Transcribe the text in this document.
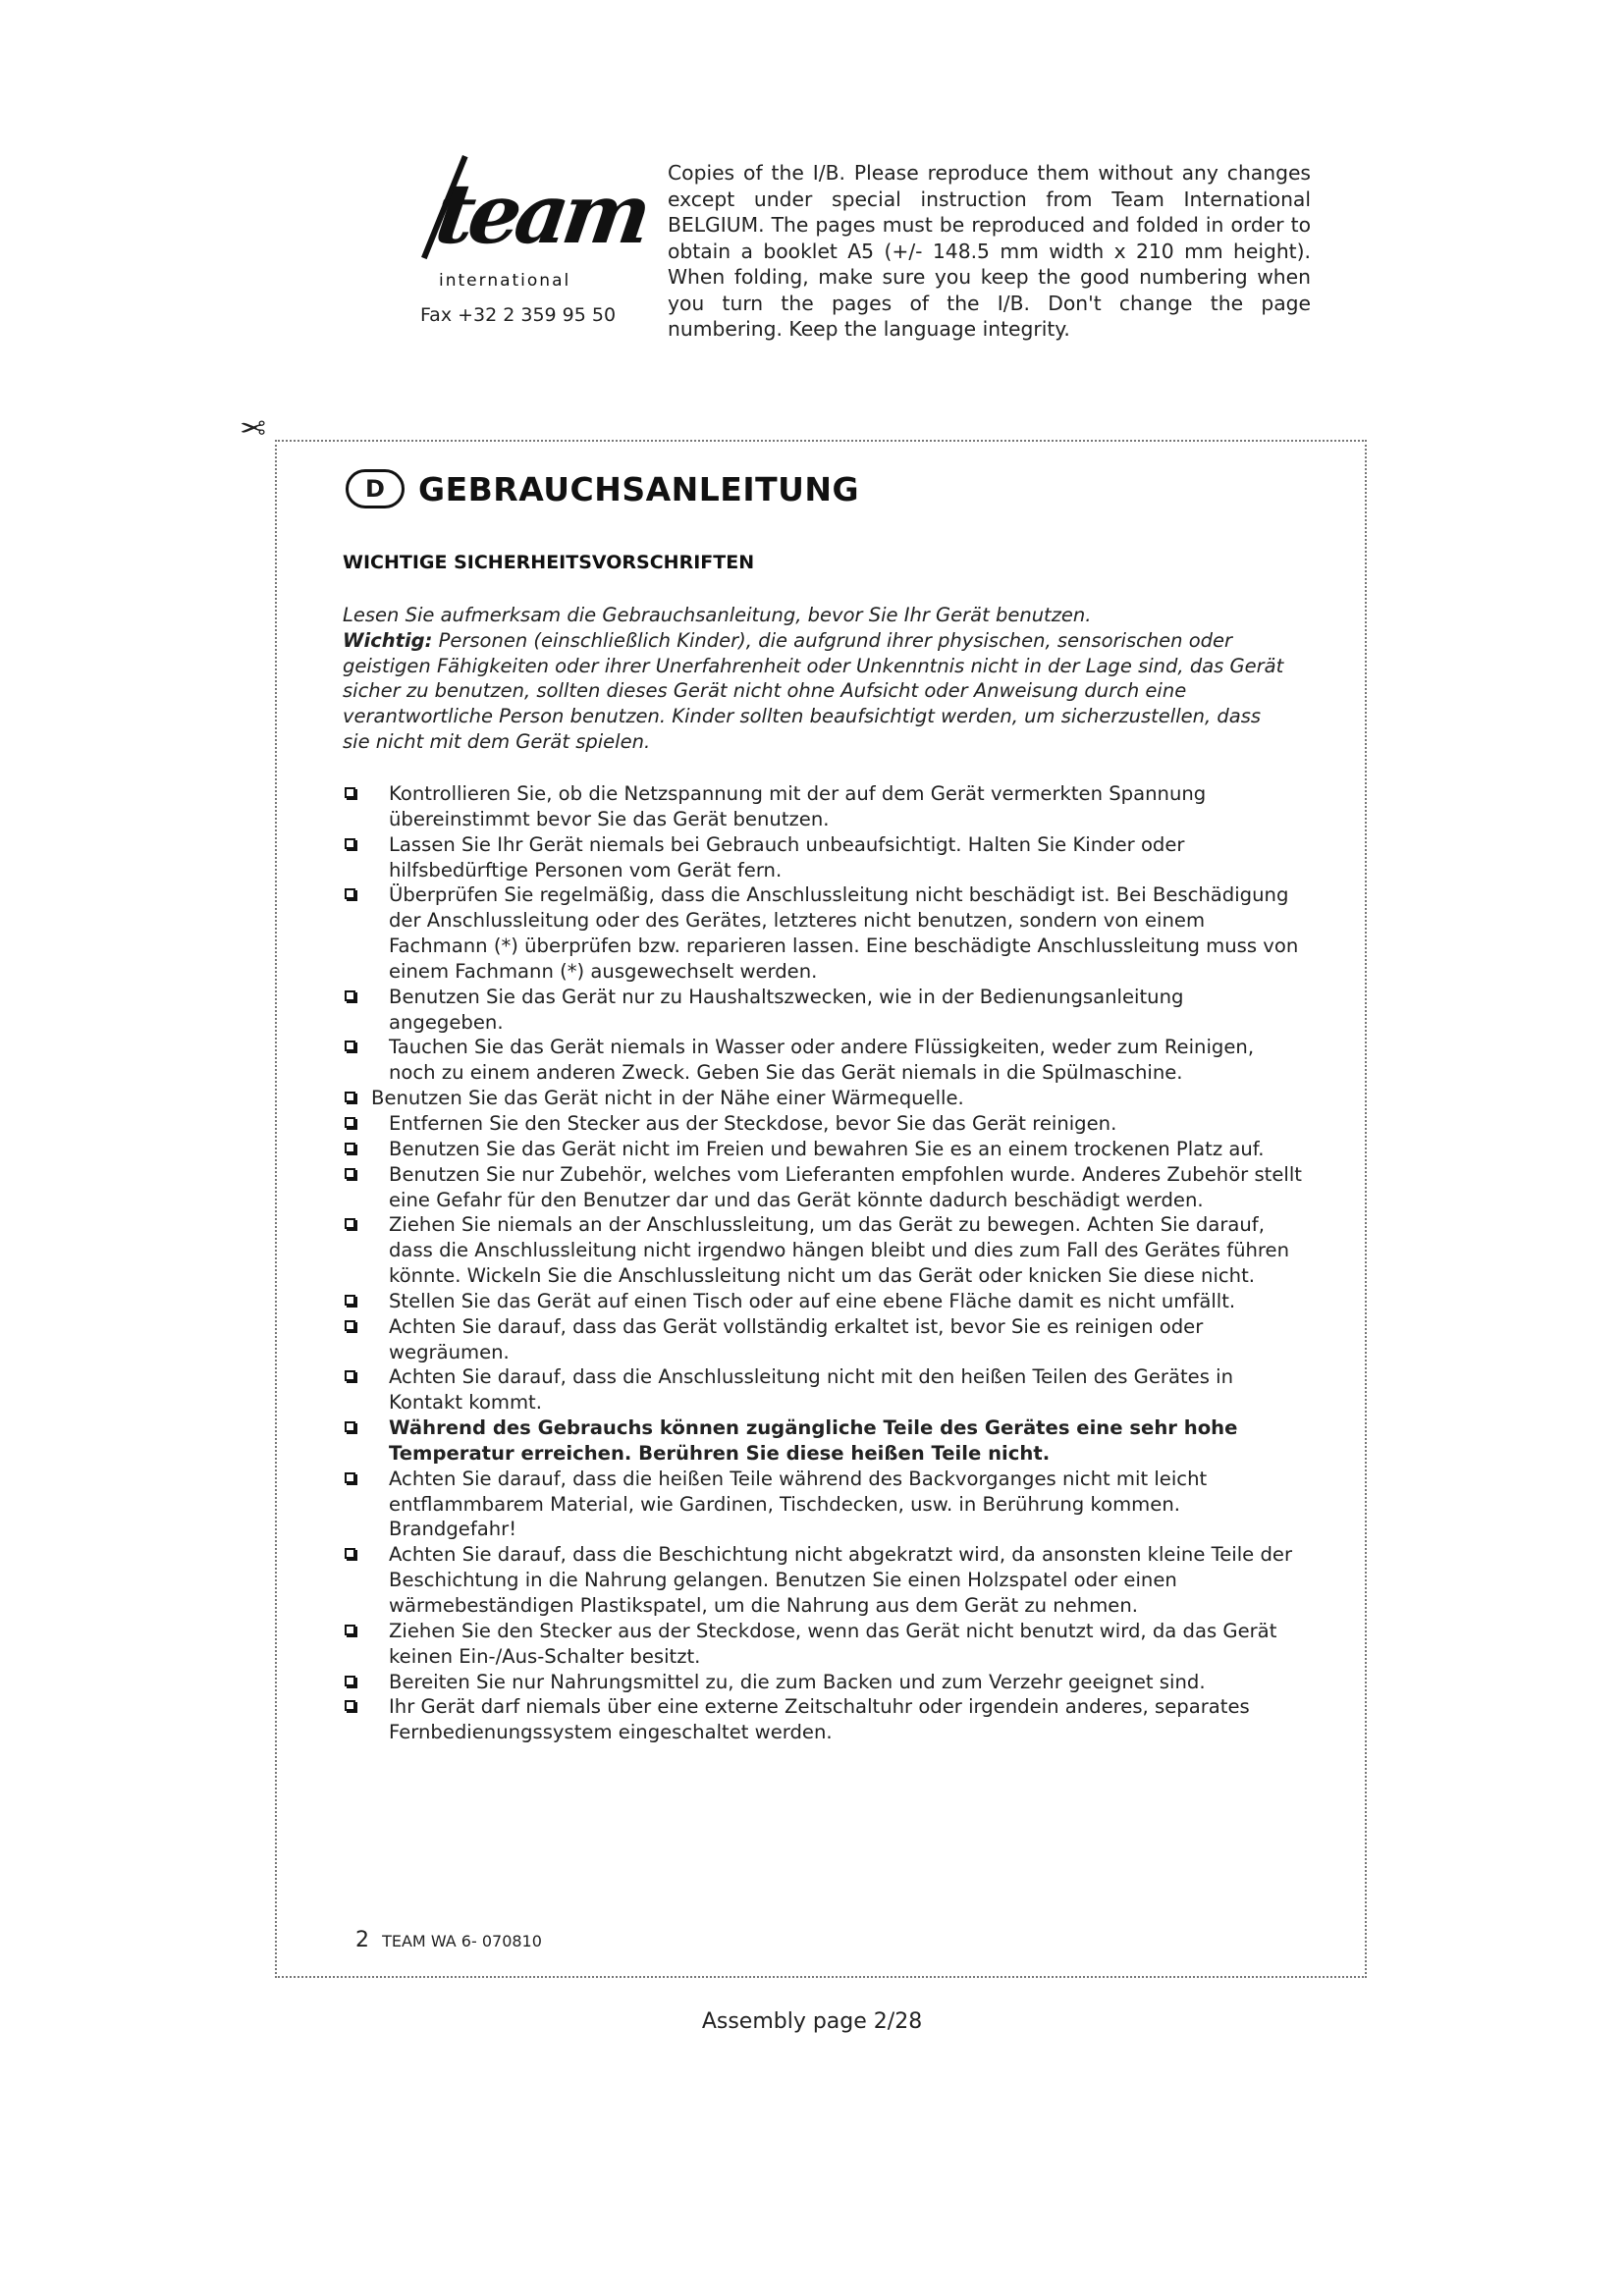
team
international
Fax +32 2 359 95 50
Copies of the I/B. Please reproduce them without any changes except under special instruction from Team International BELGIUM. The pages must be reproduced and folded in order to obtain a booklet A5 (+/- 148.5 mm width x 210 mm height). When folding, make sure you keep the good numbering when you turn the pages of the I/B. Don't change the page numbering. Keep the language integrity.
✂
D	GEBRAUCHSANLEITUNG
WICHTIGE SICHERHEITSVORSCHRIFTEN
Lesen Sie aufmerksam die Gebrauchsanleitung, bevor Sie Ihr Gerät benutzen.
Wichtig: Personen (einschließlich Kinder), die aufgrund ihrer physischen, sensorischen oder geistigen Fähigkeiten oder ihrer Unerfahrenheit oder Unkenntnis nicht in der Lage sind, das Gerät sicher zu benutzen, sollten dieses Gerät nicht ohne Aufsicht oder Anweisung durch eine verantwortliche Person benutzen. Kinder sollten beaufsichtigt werden, um sicherzustellen, dass sie nicht mit dem Gerät spielen.
Kontrollieren Sie, ob die Netzspannung mit der auf dem Gerät vermerkten Spannung übereinstimmt bevor Sie das Gerät benutzen.
Lassen Sie Ihr Gerät niemals bei Gebrauch unbeaufsichtigt. Halten Sie Kinder oder hilfsbedürftige Personen vom Gerät fern.
Überprüfen Sie regelmäßig, dass die Anschlussleitung nicht beschädigt ist. Bei Beschädigung der Anschlussleitung oder des Gerätes, letzteres nicht benutzen, sondern von einem Fachmann (*) überprüfen bzw. reparieren lassen. Eine beschädigte Anschlussleitung muss von einem Fachmann (*) ausgewechselt werden.
Benutzen Sie das Gerät nur zu Haushaltszwecken, wie in der Bedienungsanleitung angegeben.
Tauchen Sie das Gerät niemals in Wasser oder andere Flüssigkeiten, weder zum Reinigen, noch zu einem anderen Zweck. Geben Sie das Gerät niemals in die Spülmaschine.
Benutzen Sie das Gerät nicht in der Nähe einer Wärmequelle.
Entfernen Sie den Stecker aus der Steckdose, bevor Sie das Gerät reinigen.
Benutzen Sie das Gerät nicht im Freien und bewahren Sie es an einem trockenen Platz auf.
Benutzen Sie nur Zubehör, welches vom Lieferanten empfohlen wurde. Anderes Zubehör stellt eine Gefahr für den Benutzer dar und das Gerät könnte dadurch beschädigt werden.
Ziehen Sie niemals an der Anschlussleitung, um das Gerät zu bewegen. Achten Sie darauf, dass die Anschlussleitung nicht irgendwo hängen bleibt und dies zum Fall des Gerätes führen könnte. Wickeln Sie die Anschlussleitung nicht um das Gerät oder knicken Sie diese nicht.
Stellen Sie das Gerät auf einen Tisch oder auf eine ebene Fläche damit es nicht umfällt.
Achten Sie darauf, dass das Gerät vollständig erkaltet ist, bevor Sie es reinigen oder wegräumen.
Achten Sie darauf, dass die Anschlussleitung nicht mit den heißen Teilen des Gerätes in Kontakt kommt.
Während des Gebrauchs können zugängliche Teile des Gerätes eine sehr hohe Temperatur erreichen. Berühren Sie diese heißen Teile nicht.
Achten Sie darauf, dass die heißen Teile während des Backvorganges nicht mit leicht entflammbarem Material, wie Gardinen, Tischdecken, usw. in Berührung kommen. Brandgefahr!
Achten Sie darauf, dass die Beschichtung nicht abgekratzt wird, da ansonsten kleine Teile der Beschichtung in die Nahrung gelangen. Benutzen Sie einen Holzspatel oder einen wärmebeständigen Plastikspatel, um die Nahrung aus dem Gerät zu nehmen.
Ziehen Sie den Stecker aus der Steckdose, wenn das Gerät nicht benutzt wird, da das Gerät keinen Ein-/Aus-Schalter besitzt.
Bereiten Sie nur Nahrungsmittel zu, die zum Backen und zum Verzehr geeignet sind.
Ihr Gerät darf niemals über eine externe Zeitschaltuhr oder irgendein anderes, separates Fernbedienungssystem eingeschaltet werden.
2 TEAM WA 6- 070810
Assembly page 2/28
